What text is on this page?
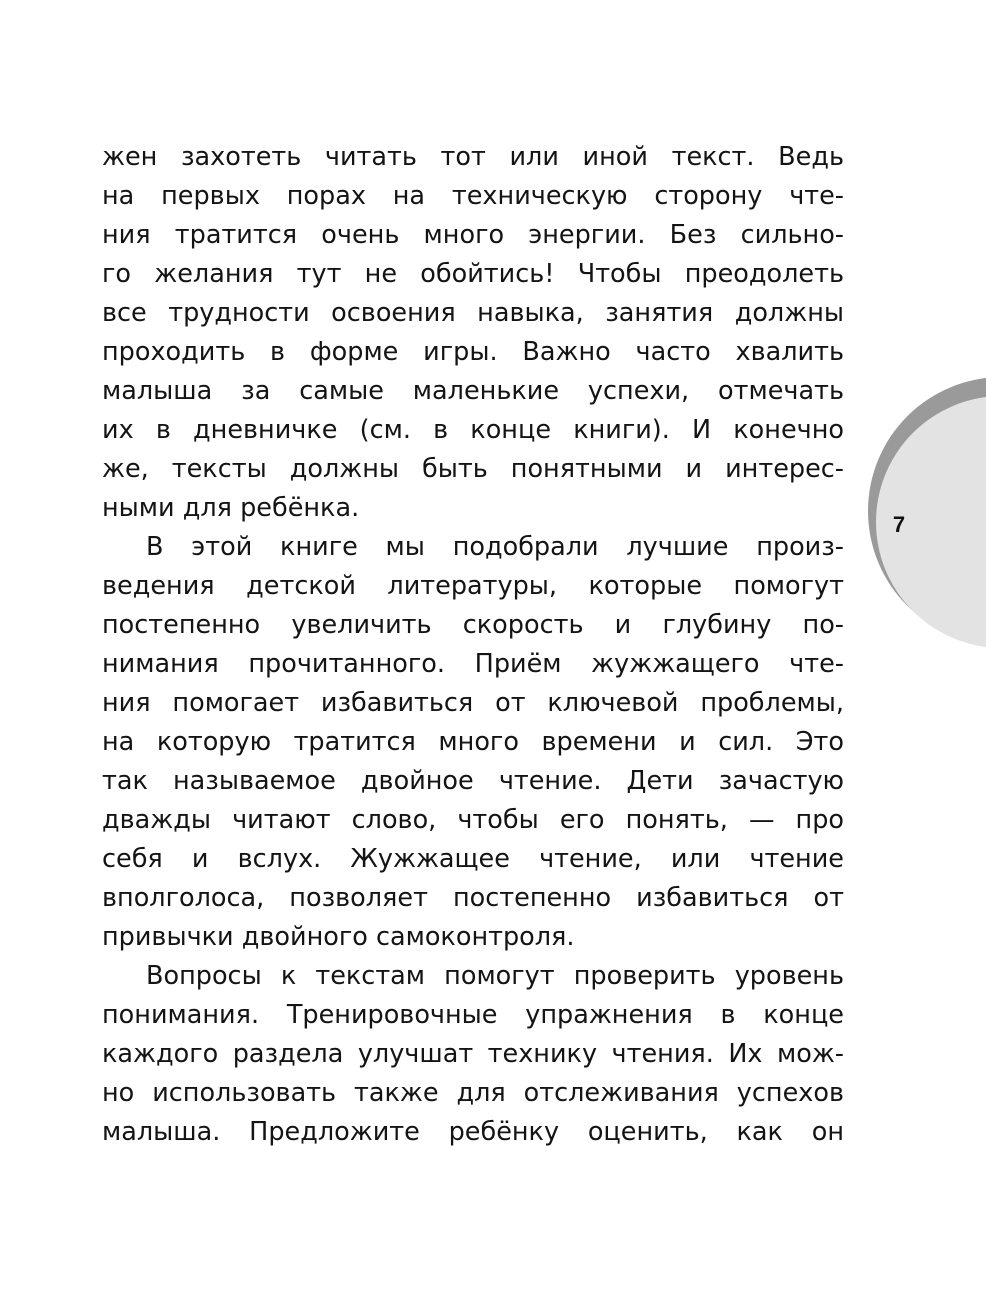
7
жен захотеть читать тот или иной текст. Ведь
на первых порах на техническую сторону чте-
ния тратится очень много энергии. Без сильно-
го желания тут не обойтись! Чтобы преодолеть
все трудности освоения навыка, занятия должны
проходить в форме игры. Важно часто хвалить
малыша за самые маленькие успехи, отмечать
их в дневничке (см. в конце книги). И конечно
же, тексты должны быть понятными и интерес-
ными для ребёнка.
В этой книге мы подобрали лучшие произ-
ведения детской литературы, которые помогут
постепенно увеличить скорость и глубину по-
нимания прочитанного. Приём жужжащего чте-
ния помогает избавиться от ключевой проблемы,
на которую тратится много времени и сил. Это
так называемое двойное чтение. Дети зачастую
дважды читают слово, чтобы его понять, — про
себя и вслух. Жужжащее чтение, или чтение
вполголоса, позволяет постепенно избавиться от
привычки двойного самоконтроля.
Вопросы к текстам помогут проверить уровень
понимания. Тренировочные упражнения в конце
каждого раздела улучшат технику чтения. Их мож-
но использовать также для отслеживания успехов
малыша. Предложите ребёнку оценить, как он
